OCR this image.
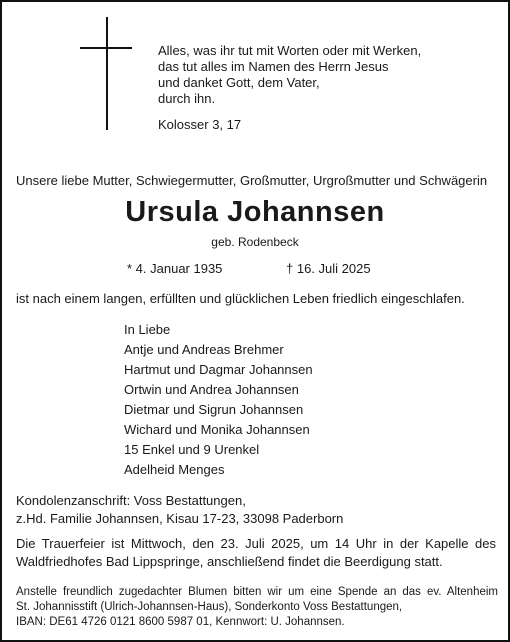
Alles, was ihr tut mit Worten oder mit Werken,
das tut alles im Namen des Herrn Jesus
und danket Gott, dem Vater,
durch ihn.
Kolosser 3, 17
Unsere liebe Mutter, Schwiegermutter, Großmutter, Urgroßmutter und Schwägerin
Ursula Johannsen
geb. Rodenbeck
* 4. Januar 1935	† 16. Juli 2025
ist nach einem langen, erfüllten und glücklichen Leben friedlich eingeschlafen.
In Liebe
Antje und Andreas Brehmer
Hartmut und Dagmar Johannsen
Ortwin und Andrea Johannsen
Dietmar und Sigrun Johannsen
Wichard und Monika Johannsen
15 Enkel und 9 Urenkel
Adelheid Menges
Kondolenzanschrift: Voss Bestattungen,
z.Hd. Familie Johannsen, Kisau 17-23, 33098 Paderborn
Die Trauerfeier ist Mittwoch, den 23. Juli 2025, um 14 Uhr in der Kapelle des
Waldfriedhofes Bad Lippspringe, anschließend findet die Beerdigung statt.
Anstelle freundlich zugedachter Blumen bitten wir um eine Spende an das ev. Altenheim
St. Johannisstift (Ulrich-Johannsen-Haus), Sonderkonto Voss Bestattungen,
IBAN: DE61 4726 0121 8600 5987 01, Kennwort: U. Johannsen.
